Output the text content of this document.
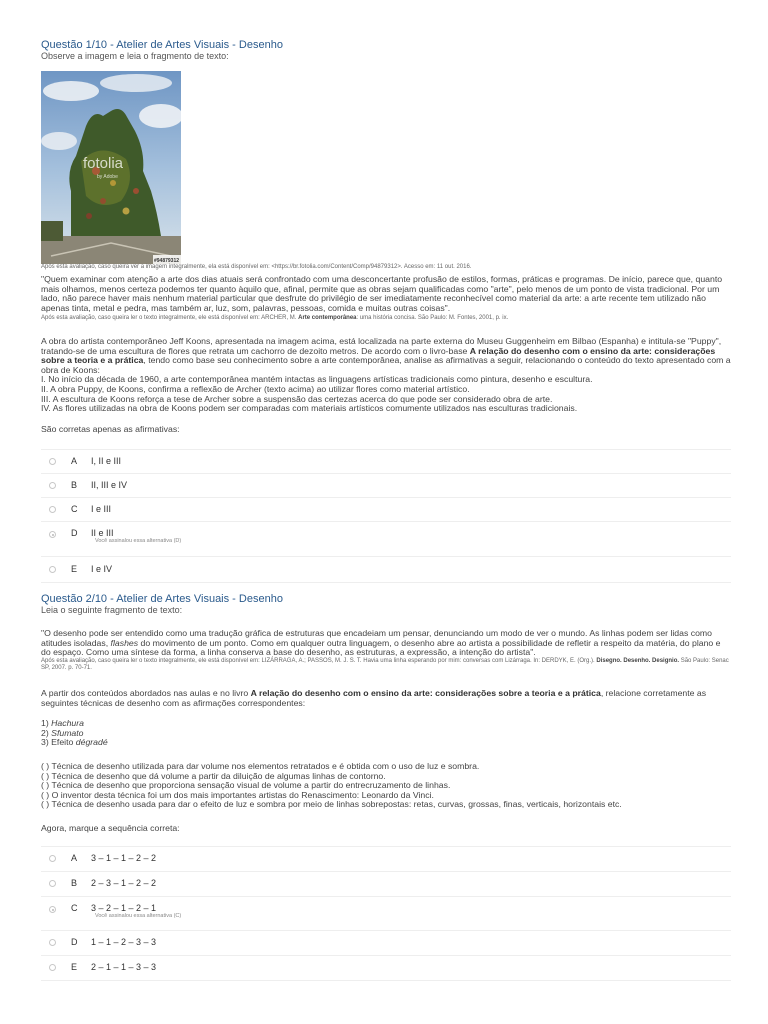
Questão 1/10 - Atelier de Artes Visuais - Desenho
Observe a imagem e leia o fragmento de texto:
fotolia
by Adobe
#94879312

Após esta avaliação, caso queira ver a imagem integralmente, ela está disponível em: <https://br.fotolia.com/Content/Comp/94879312>. Acesso em: 11 out. 2016.

"Quem examinar com atenção a arte dos dias atuais será confrontado com uma desconcertante profusão de estilos, formas, práticas e programas. De início, parece que, quanto mais olhamos, menos certeza podemos ter quanto àquilo que, afinal, permite que as obras sejam qualificadas como "arte", pelo menos de um ponto de vista tradicional. Por um lado, não parece haver mais nenhum material particular que desfrute do privilégio de ser imediatamente reconhecível como material da arte: a arte recente tem utilizado não apenas tinta, metal e pedra, mas também ar, luz, som, palavras, pessoas, comida e muitas outras coisas".

Após esta avaliação, caso queira ler o texto integralmente, ele está disponível em: ARCHER, M. Arte contemporânea: uma história concisa. São Paulo: M. Fontes, 2001, p. ix.

A obra do artista contemporâneo Jeff Koons, apresentada na imagem acima, está localizada na parte externa do Museu Guggenheim em Bilbao (Espanha) e intitula-se "Puppy", tratando-se de uma escultura de flores que retrata um cachorro de dezoito metros. De acordo com o livro-base A relação do desenho com o ensino da arte: considerações sobre a teoria e a prática, tendo como base seu conhecimento sobre a arte contemporânea, analise as afirmativas a seguir, relacionando o conteúdo do texto apresentado com a obra de Koons:

I. No início da década de 1960, a arte contemporânea mantém intactas as linguagens artísticas tradicionais como pintura, desenho e escultura.

II. A obra Puppy, de Koons, confirma a reflexão de Archer (texto acima) ao utilizar flores como material artístico.

III. A escultura de Koons reforça a tese de Archer sobre a suspensão das certezas acerca do que pode ser considerado obra de arte.

IV. As flores utilizadas na obra de Koons podem ser comparadas com materiais artísticos comumente utilizados nas esculturas tradicionais.

São corretas apenas as afirmativas:

A I, II e III
B II, III e IV
C I e III
D II e III
Você assinalou essa alternativa (D)
E I e IV
Questão 2/10 - Atelier de Artes Visuais - Desenho
Leia o seguinte fragmento de texto:

"O desenho pode ser entendido como uma tradução gráfica de estruturas que encadeiam um pensar, denunciando um modo de ver o mundo. As linhas podem ser lidas como atitudes isoladas, flashes do movimento de um ponto. Como em qualquer outra linguagem, o desenho abre ao artista a possibilidade de refletir a respeito da matéria, do plano e do espaço. Como uma síntese da forma, a linha conserva a base do desenho, as estruturas, a expressão, a intenção do artista".

Após esta avaliação, caso queira ler o texto integralmente, ele está disponível em: LIZÁRRAGA, A.; PASSOS, M. J. S. T. Havia uma linha esperando por mim: conversas com Lizárraga. In: DERDYK, E. (Org.). Disegno. Desenho. Designio. São Paulo: Senac SP, 2007. p. 70-71.

A partir dos conteúdos abordados nas aulas e no livro A relação do desenho com o ensino da arte: considerações sobre a teoria e a prática, relacione corretamente as seguintes técnicas de desenho com as afirmações correspondentes:

1) Hachura

2) Sfumato

3) Efeito dégradé

( ) Técnica de desenho utilizada para dar volume nos elementos retratados e é obtida com o uso de luz e sombra.

( ) Técnica de desenho que dá volume a partir da diluição de algumas linhas de contorno.

( ) Técnica de desenho que proporciona sensação visual de volume a partir do entrecruzamento de linhas.

( ) O inventor desta técnica foi um dos mais importantes artistas do Renascimento: Leonardo da Vinci.

( ) Técnica de desenho usada para dar o efeito de luz e sombra por meio de linhas sobrepostas: retas, curvas, grossas, finas, verticais, horizontais etc.

Agora, marque a sequência correta:

A 3 – 1 – 1 – 2 – 2
B 2 – 3 – 1 – 2 – 2
C 3 – 2 – 1 – 2 – 1
Você assinalou essa alternativa (C)
D 1 – 1 – 2 – 3 – 3
E 2 – 1 – 1 – 3 – 3
